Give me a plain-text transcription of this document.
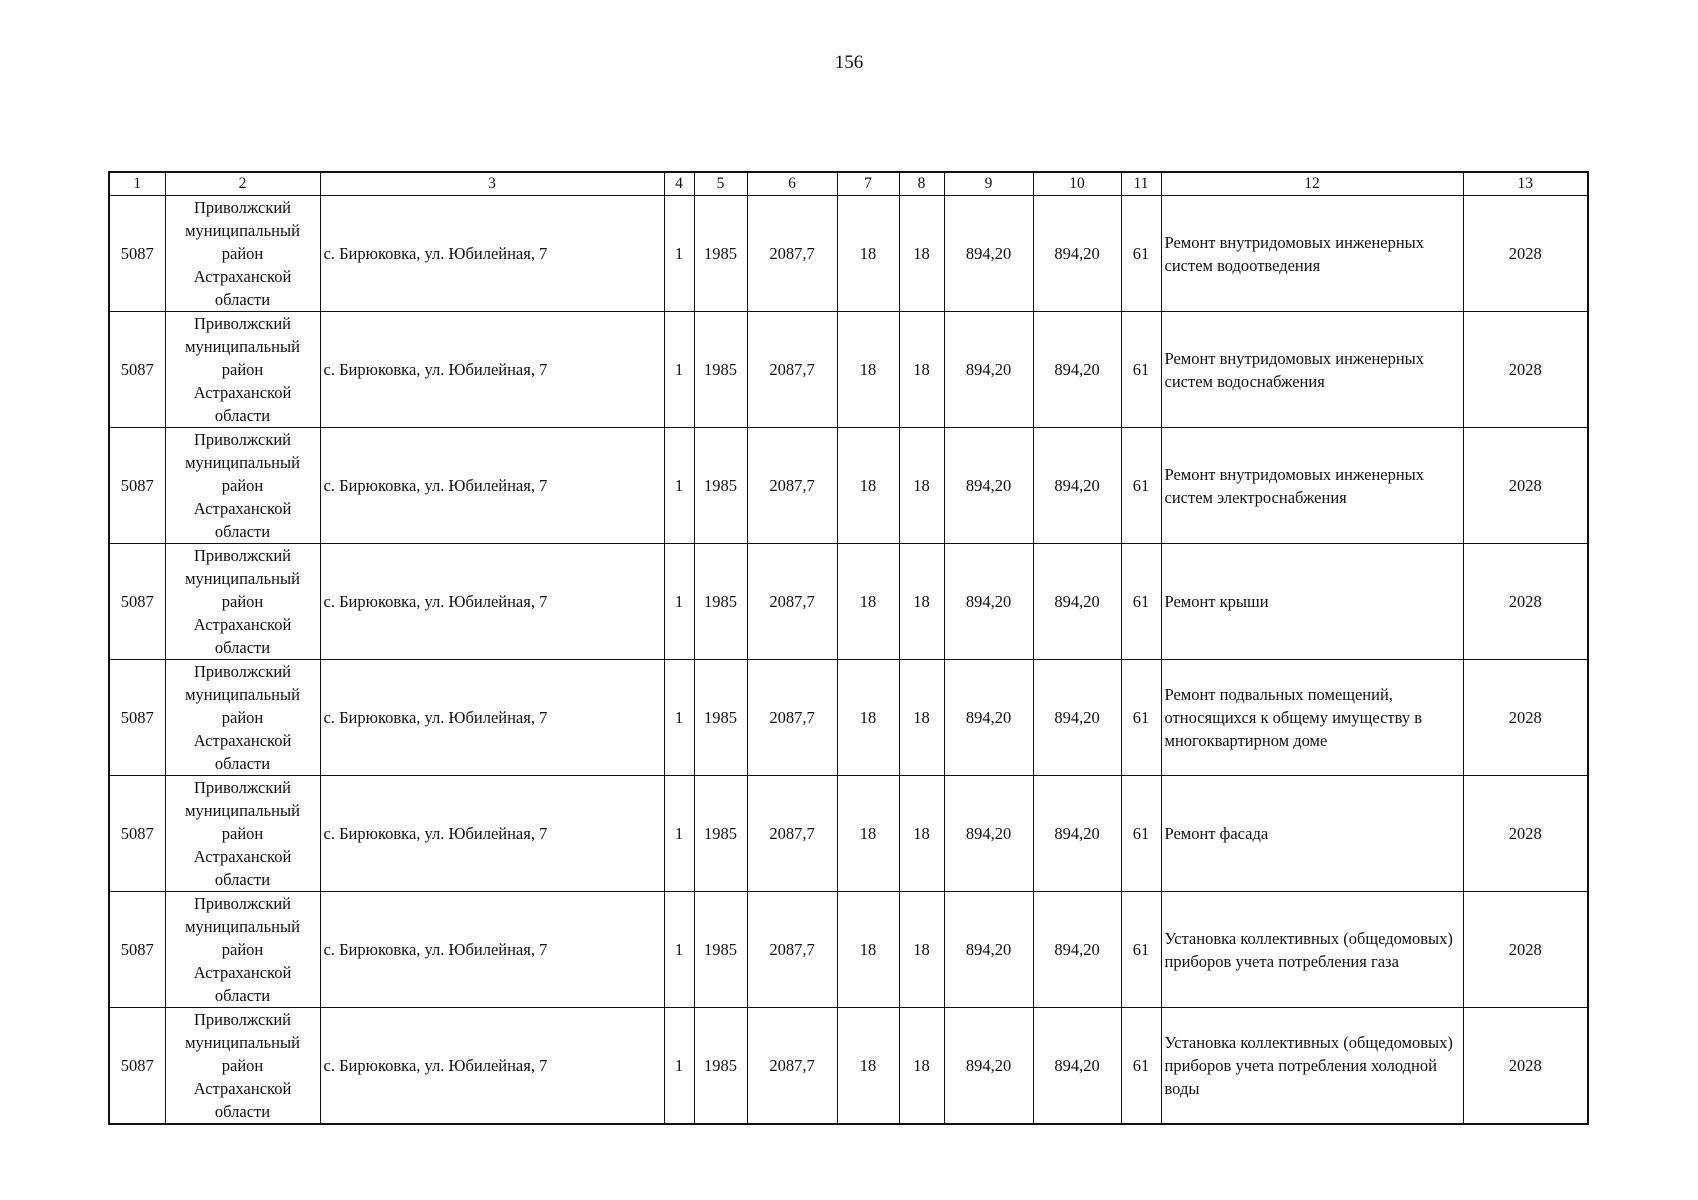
156
1	2	3	4	5	6	7	8	9	10	11	12	13
5087	Приволжский
муниципальный
район
Астраханской
области	с. Бирюковка, ул. Юбилейная, 7	1	1985	2087,7	18	18	894,20	894,20	61	Ремонт внутридомовых инженерных систем водоотведения	2028
5087	Приволжский
муниципальный
район
Астраханской
области	с. Бирюковка, ул. Юбилейная, 7	1	1985	2087,7	18	18	894,20	894,20	61	Ремонт внутридомовых инженерных систем водоснабжения	2028
5087	Приволжский
муниципальный
район
Астраханской
области	с. Бирюковка, ул. Юбилейная, 7	1	1985	2087,7	18	18	894,20	894,20	61	Ремонт внутридомовых инженерных систем электроснабжения	2028
5087	Приволжский
муниципальный
район
Астраханской
области	с. Бирюковка, ул. Юбилейная, 7	1	1985	2087,7	18	18	894,20	894,20	61	Ремонт крыши	2028
5087	Приволжский
муниципальный
район
Астраханской
области	с. Бирюковка, ул. Юбилейная, 7	1	1985	2087,7	18	18	894,20	894,20	61	Ремонт подвальных помещений, относящихся к общему имуществу в многоквартирном доме	2028
5087	Приволжский
муниципальный
район
Астраханской
области	с. Бирюковка, ул. Юбилейная, 7	1	1985	2087,7	18	18	894,20	894,20	61	Ремонт фасада	2028
5087	Приволжский
муниципальный
район
Астраханской
области	с. Бирюковка, ул. Юбилейная, 7	1	1985	2087,7	18	18	894,20	894,20	61	Установка коллективных (общедомовых) приборов учета потребления газа	2028
5087	Приволжский
муниципальный
район
Астраханской
области	с. Бирюковка, ул. Юбилейная, 7	1	1985	2087,7	18	18	894,20	894,20	61	Установка коллективных (общедомовых) приборов учета потребления холодной воды	2028
